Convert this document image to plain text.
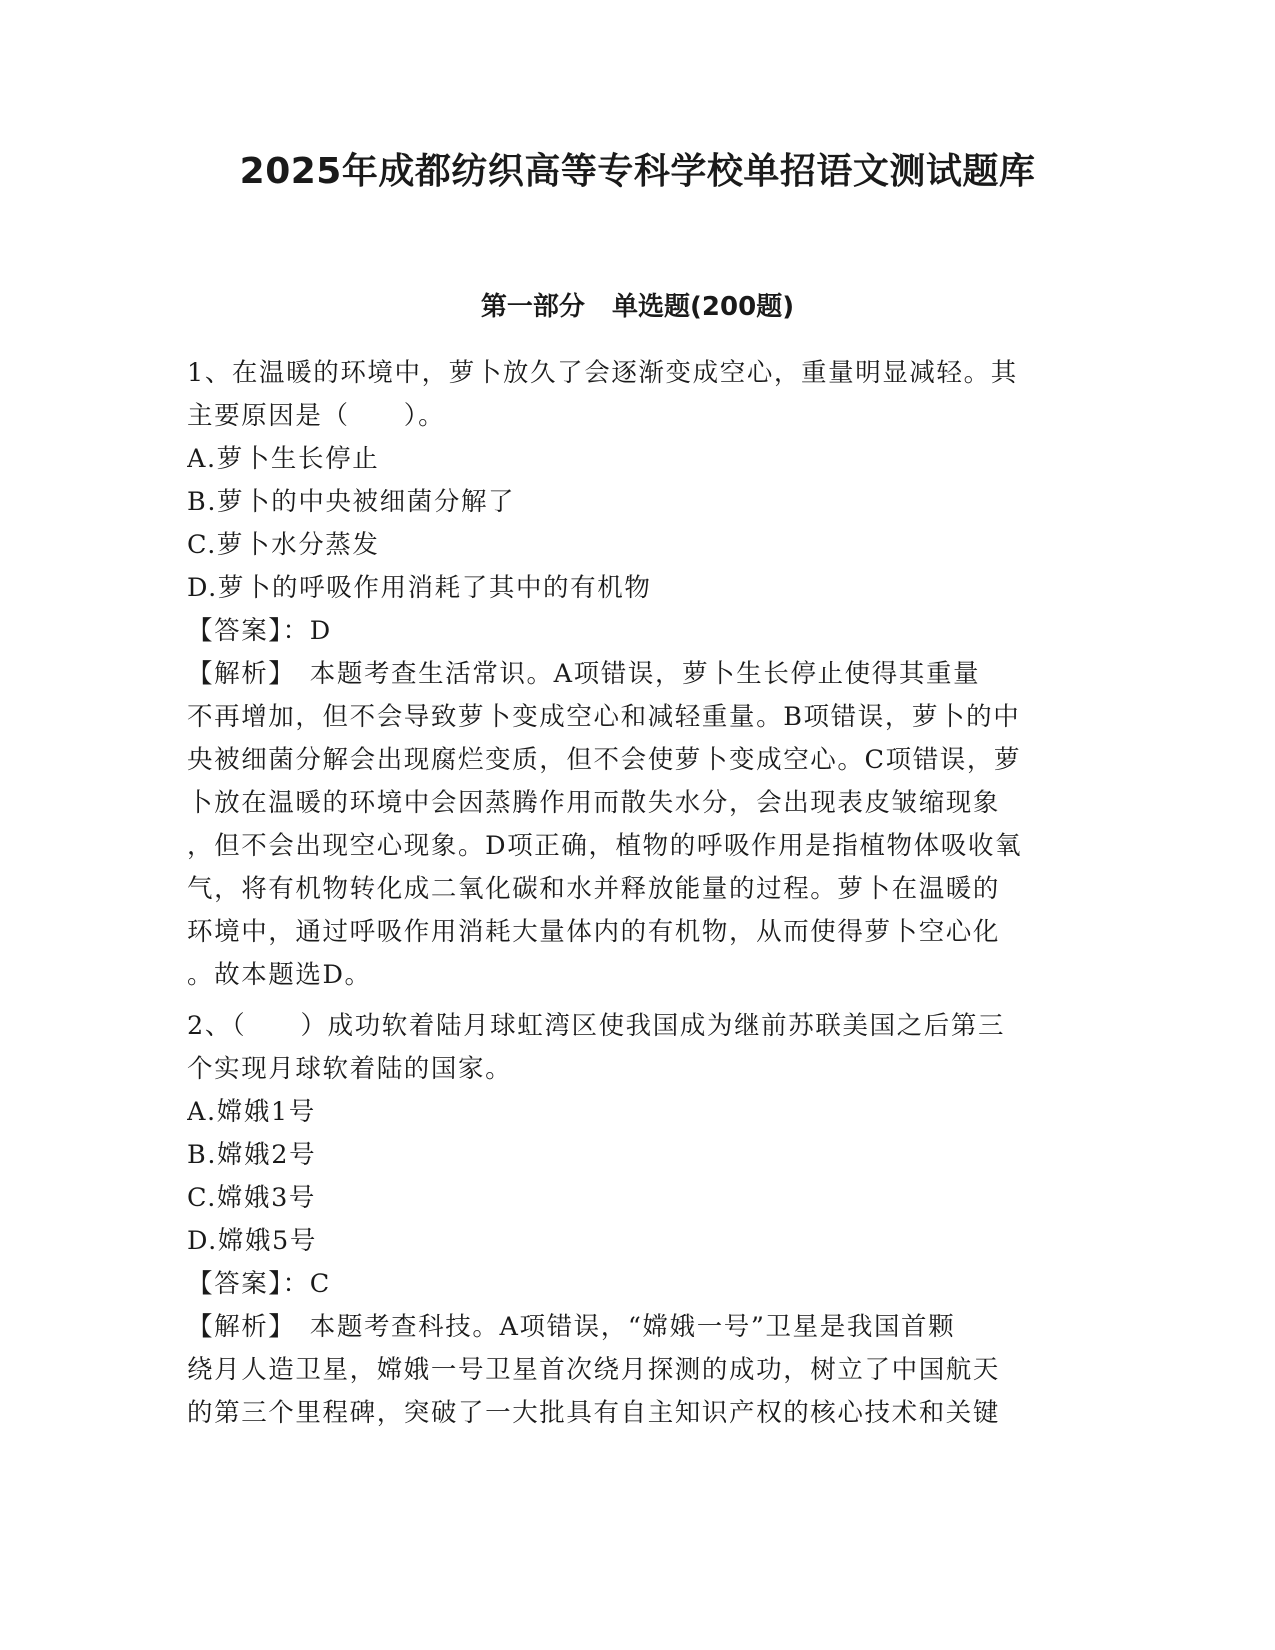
2025年成都纺织高等专科学校单招语文测试题库
第一部分   单选题(200题)
1、在温暖的环境中，萝卜放久了会逐渐变成空心，重量明显减轻。其
主要原因是（　　）。
A.萝卜生长停止
B.萝卜的中央被细菌分解了
C.萝卜水分蒸发
D.萝卜的呼吸作用消耗了其中的有机物
【答案】：D
【解析】　本题考查生活常识。A项错误，萝卜生长停止使得其重量
不再增加，但不会导致萝卜变成空心和减轻重量。B项错误，萝卜的中
央被细菌分解会出现腐烂变质，但不会使萝卜变成空心。C项错误，萝
卜放在温暖的环境中会因蒸腾作用而散失水分，会出现表皮皱缩现象
，但不会出现空心现象。D项正确，植物的呼吸作用是指植物体吸收氧
气，将有机物转化成二氧化碳和水并释放能量的过程。萝卜在温暖的
环境中，通过呼吸作用消耗大量体内的有机物，从而使得萝卜空心化
。故本题选D。
2、（　　）成功软着陆月球虹湾区使我国成为继前苏联美国之后第三
个实现月球软着陆的国家。
A.嫦娥1号
B.嫦娥2号
C.嫦娥3号
D.嫦娥5号
【答案】：C
【解析】　本题考查科技。A项错误，“嫦娥一号”卫星是我国首颗
绕月人造卫星，嫦娥一号卫星首次绕月探测的成功，树立了中国航天
的第三个里程碑，突破了一大批具有自主知识产权的核心技术和关键
